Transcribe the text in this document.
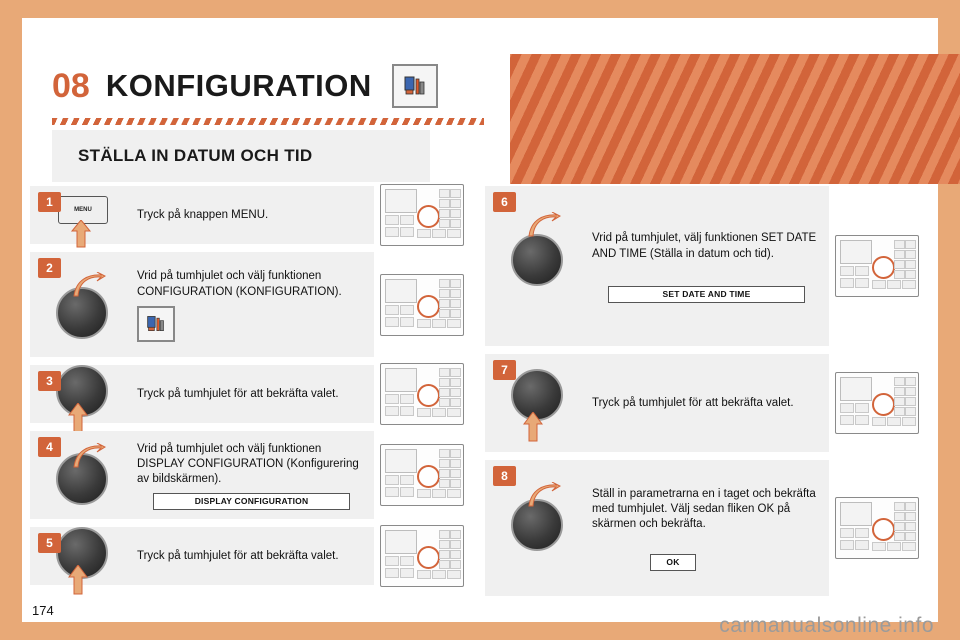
08 KONFIGURATION
STÄLLA IN DATUM OCH TID
1
MENU	Tryck på knappen MENU.

2

Vrid på tumhjulet och välj funktionen CONFIGURATION (KONFIGURATION).

3

Tryck på tumhjulet för att bekräfta valet.

4	Vrid på tumhjulet och välj funktionen DISPLAY CONFIGURATION (Konfigurering av bildskärmen).

DISPLAY CONFIGURATION
5

Tryck på tumhjulet för att bekräfta valet.

6

Vrid på tumhjulet, välj funktionen SET DATE AND TIME (Ställa in datum och tid).

SET DATE AND TIME
7

Tryck på tumhjulet för att bekräfta valet.

8

Ställ in parametrarna en i taget och bekräfta med tumhjulet. Välj sedan fliken OK på skärmen och bekräfta.

OK
174
carmanualsonline.info
